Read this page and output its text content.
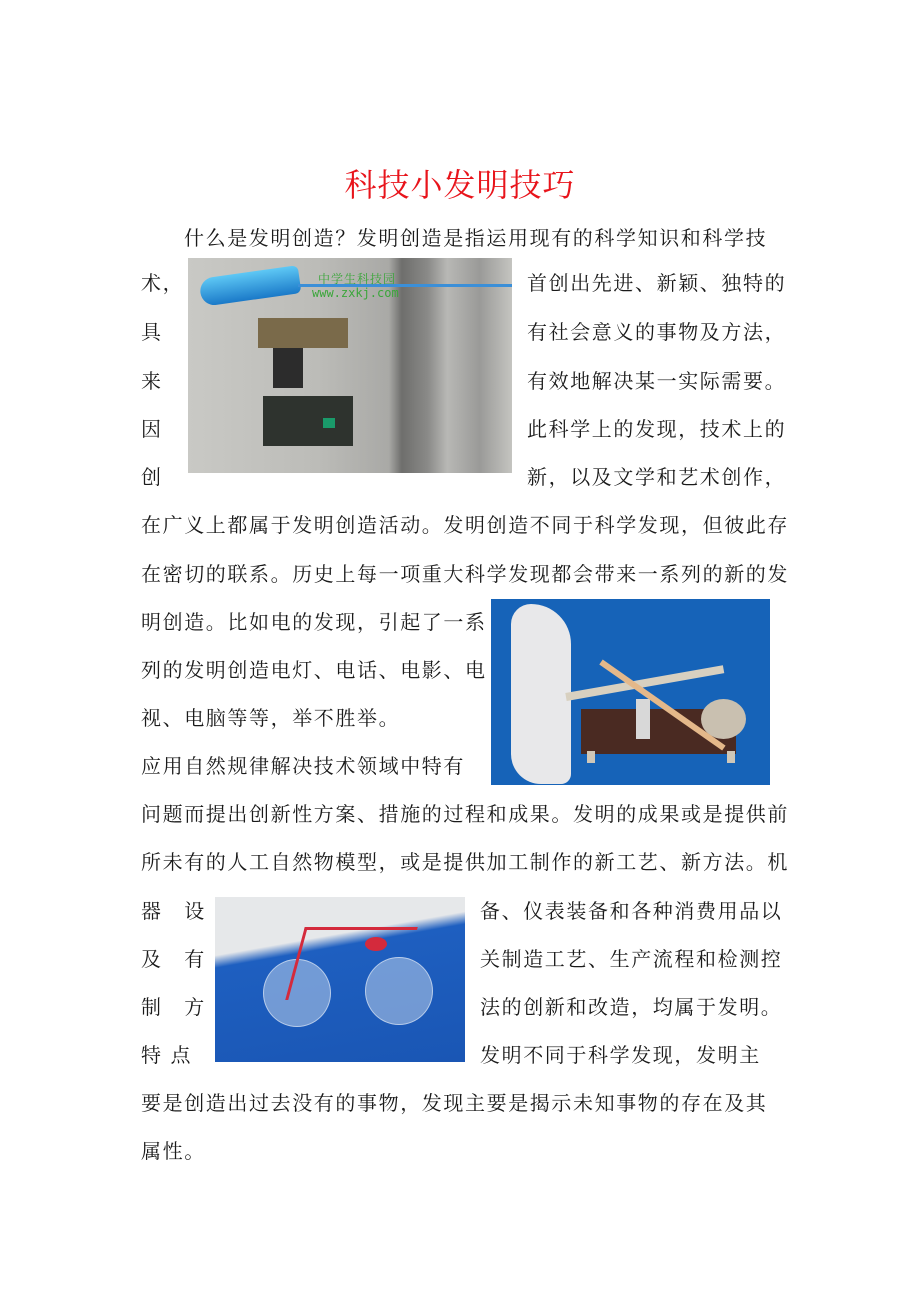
科技小发明技巧
什么是发明创造？发明创造是指运用现有的科学知识和科学技
术，	首创出先进、新颖、独特的
具	有社会意义的事物及方法，
来	有效地解决某一实际需要。
因	此科学上的发现，技术上的
创	新，以及文学和艺术创作，
中学生科技园
www.zxkj.com
在广义上都属于发明创造活动。发明创造不同于科学发现，但彼此存
在密切的联系。历史上每一项重大科学发现都会带来一系列的新的发
明创造。比如电的发现，引起了一系
列的发明创造电灯、电话、电影、电
视、电脑等等，举不胜举。
应用自然规律解决技术领域中特有
问题而提出创新性方案、措施的过程和成果。发明的成果或是提供前
所未有的人工自然物模型，或是提供加工制作的新工艺、新方法。机
器　设	备、仪表装备和各种消费用品以
及　有	关制造工艺、生产流程和检测控
制　方	法的创新和改造，均属于发明。
特 点	发明不同于科学发现，发明主
要是创造出过去没有的事物，发现主要是揭示未知事物的存在及其
属性。
